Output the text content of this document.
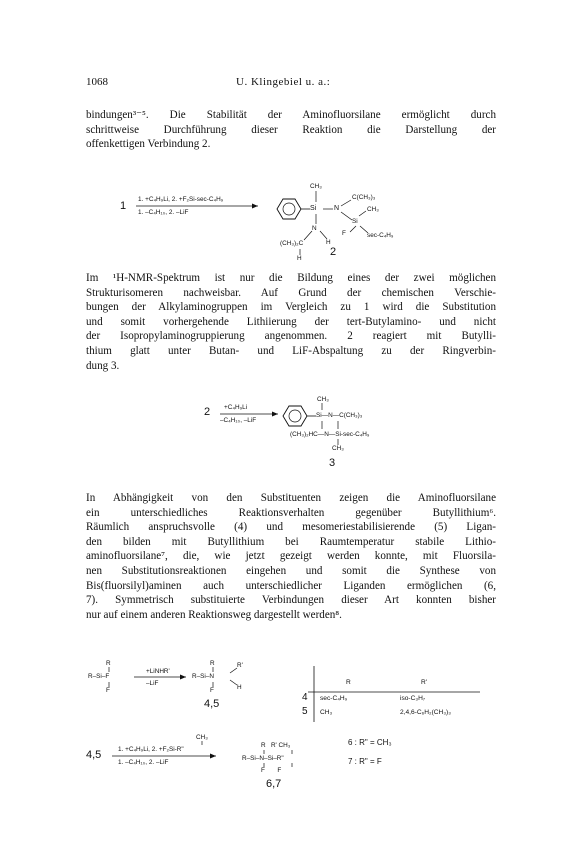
1068	U. Klingebiel u. a.:

bindungen³⁻⁵. Die Stabilität der Aminofluorsilane ermöglicht durch
schrittweise Durchführung dieser Reaktion die Darstellung der
offenkettigen Verbindung 2.

1
1. +C₄H₉Li, 2. +F₂Si-sec-C₄H₉
1. –C₄H₁₀, 2. –LiF
CH₃
Si	N
C(CH₃)₃
Si
CH₃
F	sec-C₄H₉
N
(CH₃)₂C	H
H
2

Im ¹H-NMR-Spektrum ist nur die Bildung eines der zwei möglichen
Strukturisomeren nachweisbar. Auf Grund der chemischen Verschie-
bungen der Alkylaminogruppen im Vergleich zu 1 wird die Substitution
und somit vorhergehende Lithiierung der tert-Butylamino- und nicht
der Isopropylaminogruppierung angenommen. 2 reagiert mit Butylli-
thium glatt unter Butan- und LiF-Abspaltung zu der Ringverbin-
dung 3.

2 +C₄H₉Li
–C₄H₁₀, –LiF
CH₃
Si—N—C(CH₃)₃
(CH₃)₂HC—N—Si-sec-C₄H₉
CH₃
3

In Abhängigkeit von den Substituenten zeigen die Aminofluorsilane
ein unterschiedliches Reaktionsverhalten gegenüber Butyllithium⁶.
Räumlich anspruchsvolle (4) und mesomeriestabilisierende (5) Ligan-
den bilden mit Butyllithium bei Raumtemperatur stabile Lithio-
aminofluorsilane⁷, die, wie jetzt gezeigt werden konnte, mit Fluorsila-
nen Substitutionsreaktionen eingehen und somit die Synthese von
Bis(fluorsilyl)aminen auch unterschiedlicher Liganden ermöglichen (6,
7). Symmetrisch substituierte Verbindungen dieser Art konnten bisher
nur auf einem anderen Reaktionsweg dargestellt werden⁸.

R
R–Si–F
F
+LiNHR'
–LiF
R
R–Si–N
F
R'
H
4,5
R	R'
4 sec-C₄H₉	iso-C₃H₇
5 CH₃	2,4,6-C₆H₂(CH₃)₃
4,5
CH₃
1. +C₄H₉Li, 2. +F₂Si-R"
1. –C₄H₁₀, 2. –LiF
R   R' CH₃
R–Si–N–Si–R"
F       F
6,7
6 : R" = CH₃
7 : R" = F
